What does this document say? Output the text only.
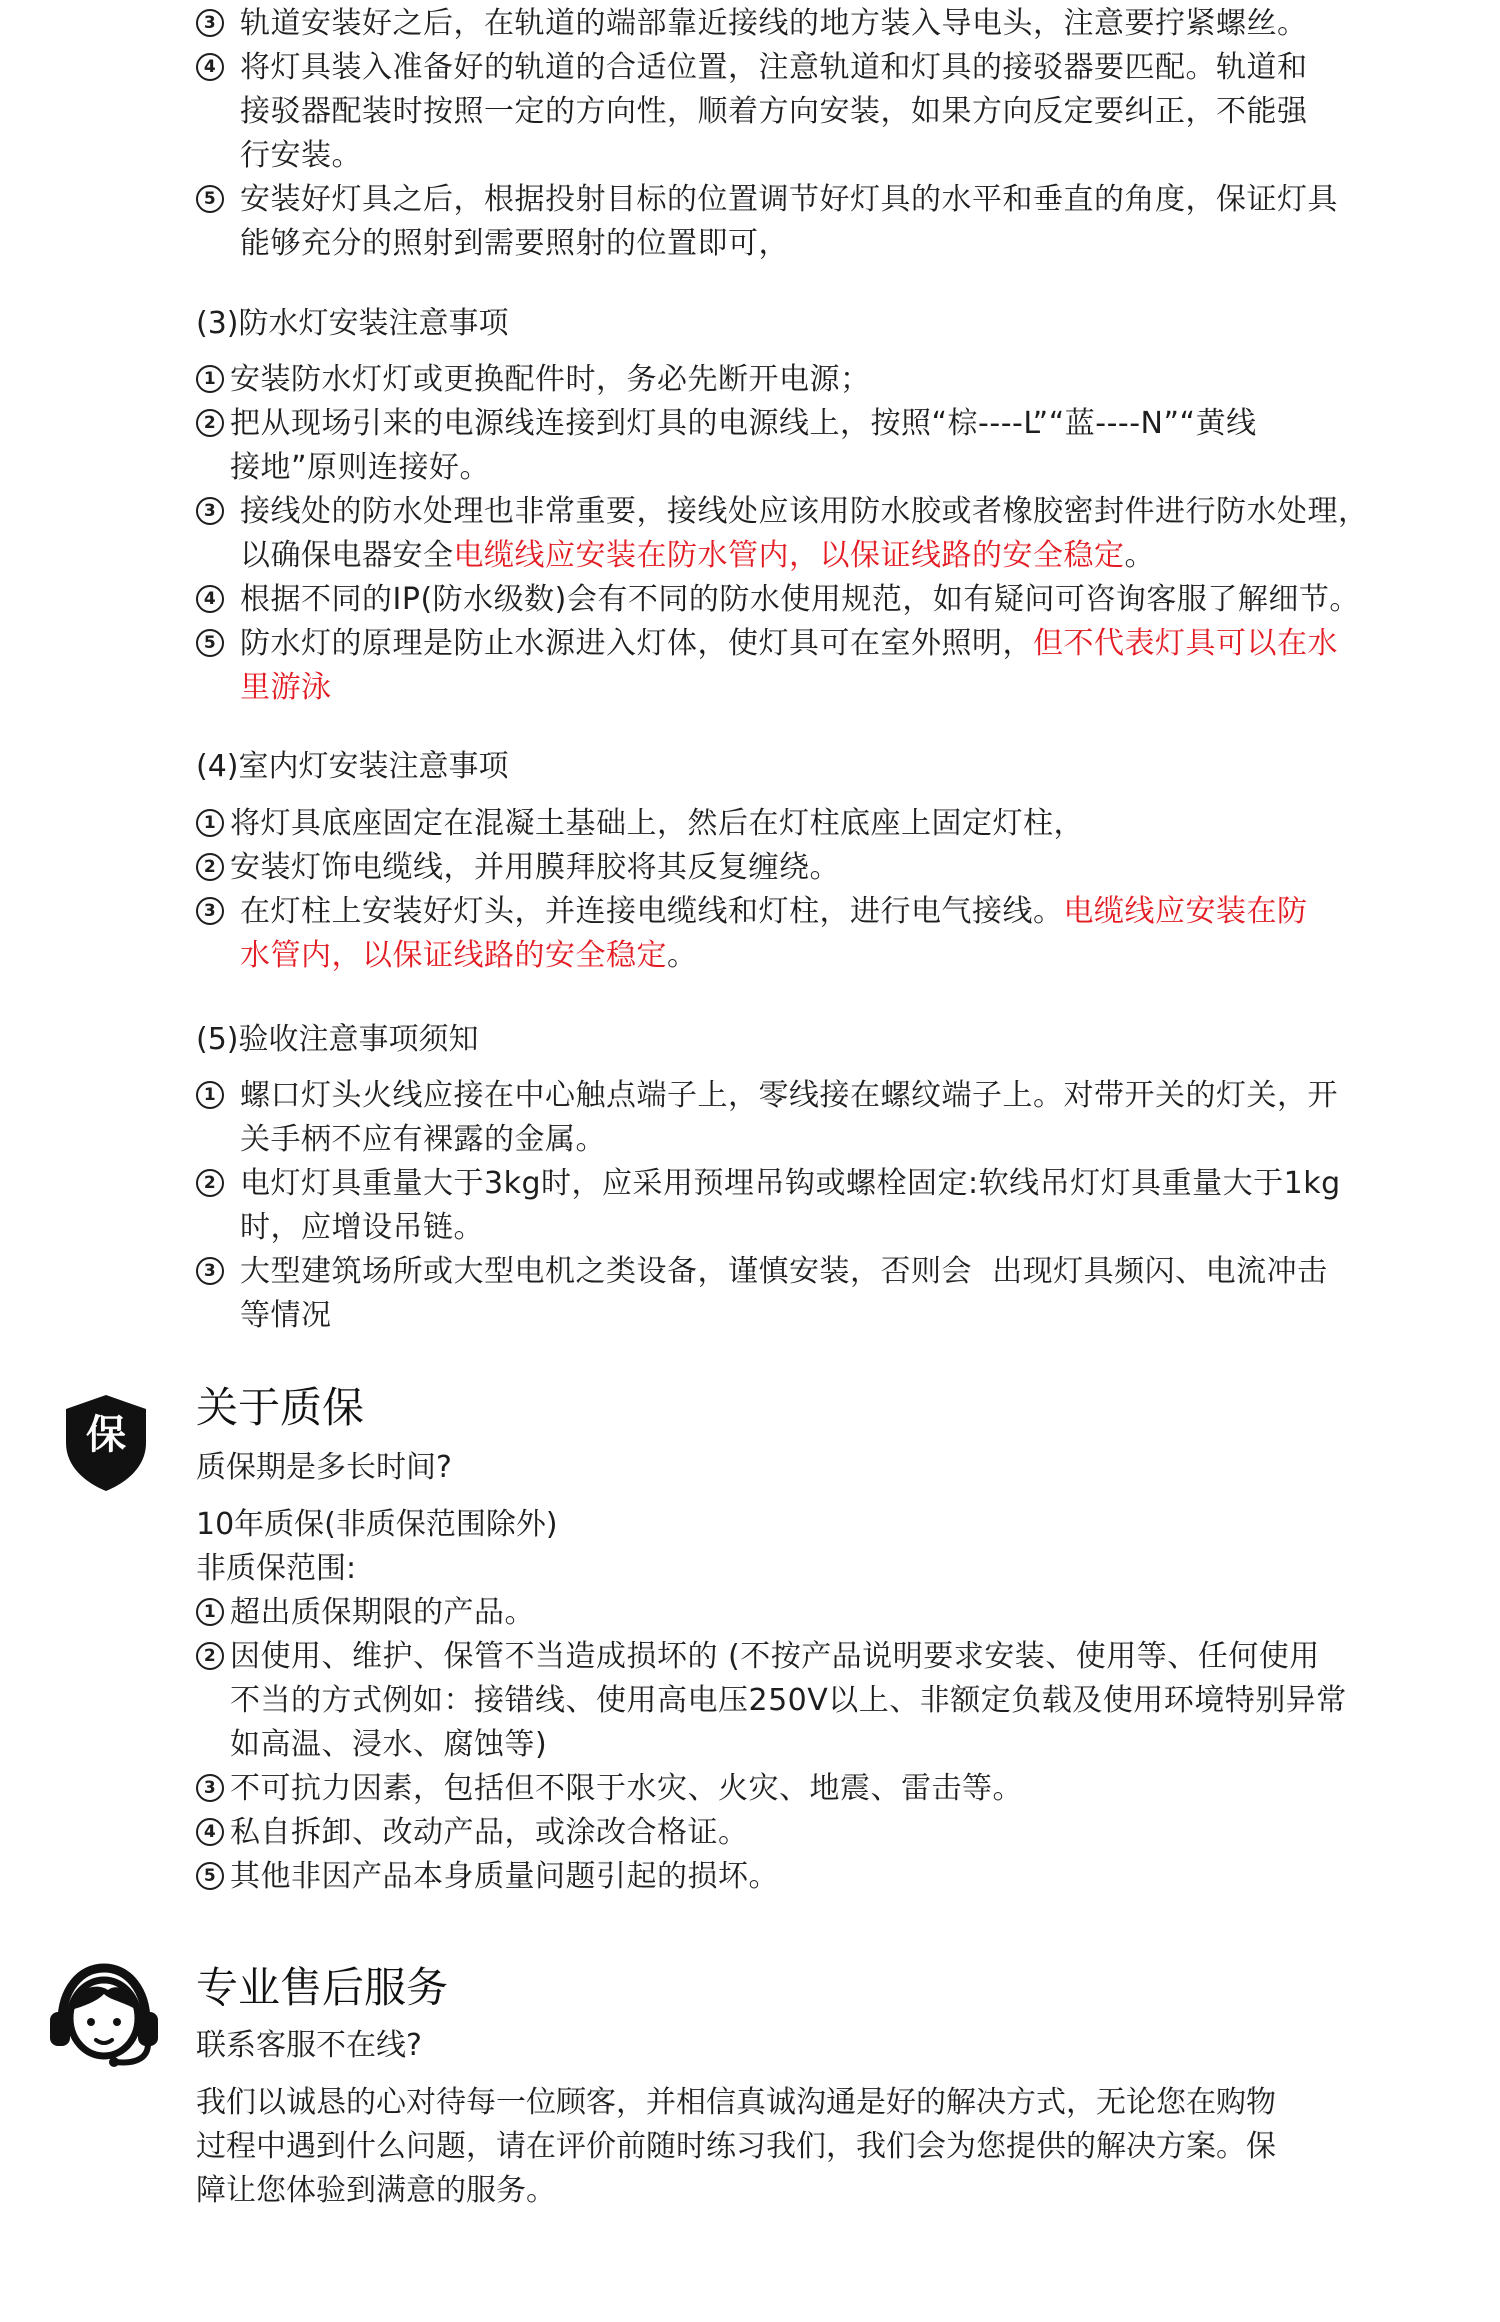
3 轨道安装好之后，在轨道的端部靠近接线的地方装入导电头，注意要拧紧螺丝。
4 将灯具装入准备好的轨道的合适位置，注意轨道和灯具的接驳器要匹配。轨道和
接驳器配装时按照一定的方向性，顺着方向安装，如果方向反定要纠正，不能强
行安装。
5 安装好灯具之后，根据投射目标的位置调节好灯具的水平和垂直的角度，保证灯具
能够充分的照射到需要照射的位置即可，
(3)防水灯安装注意事项
1 安装防水灯灯或更换配件时，务必先断开电源；
2 把从现场引来的电源线连接到灯具的电源线上，按照“棕----L”“蓝----N”“黄线
接地”原则连接好。
3 接线处的防水处理也非常重要，接线处应该用防水胶或者橡胶密封件进行防水处理，
以确保电器安全电缆线应安装在防水管内，以保证线路的安全稳定。
4 根据不同的IP(防水级数)会有不同的防水使用规范，如有疑问可咨询客服了解细节。
5 防水灯的原理是防止水源进入灯体，使灯具可在室外照明，但不代表灯具可以在水
里游泳
(4)室内灯安装注意事项
1 将灯具底座固定在混凝土基础上，然后在灯柱底座上固定灯柱，
2 安装灯饰电缆线，并用膜拜胶将其反复缠绕。
3 在灯柱上安装好灯头，并连接电缆线和灯柱，进行电气接线。电缆线应安装在防
水管内，以保证线路的安全稳定。
(5)验收注意事项须知
1 螺口灯头火线应接在中心触点端子上，零线接在螺纹端子上。对带开关的灯关，开
关手柄不应有裸露的金属。
2 电灯灯具重量大于3kg时，应采用预埋吊钩或螺栓固定:软线吊灯灯具重量大于1kg
时，应增设吊链。
3 大型建筑场所或大型电机之类设备，谨慎安装，否则会  出现灯具频闪、电流冲击
等情况
保
关于质保
质保期是多长时间?
10年质保(非质保范围除外)
非质保范围:
1 超出质保期限的产品。
2 因使用、维护、保管不当造成损坏的 (不按产品说明要求安装、使用等、任何使用
不当的方式例如：接错线、使用高电压250V以上、非额定负载及使用环境特别异常
如高温、浸水、腐蚀等)
3 不可抗力因素，包括但不限于水灾、火灾、地震、雷击等。
4 私自拆卸、改动产品，或涂改合格证。
5 其他非因产品本身质量问题引起的损坏。
专业售后服务
联系客服不在线?
我们以诚恳的心对待每一位顾客，并相信真诚沟通是好的解决方式，无论您在购物
过程中遇到什么问题，请在评价前随时练习我们，我们会为您提供的解决方案。保
障让您体验到满意的服务。
